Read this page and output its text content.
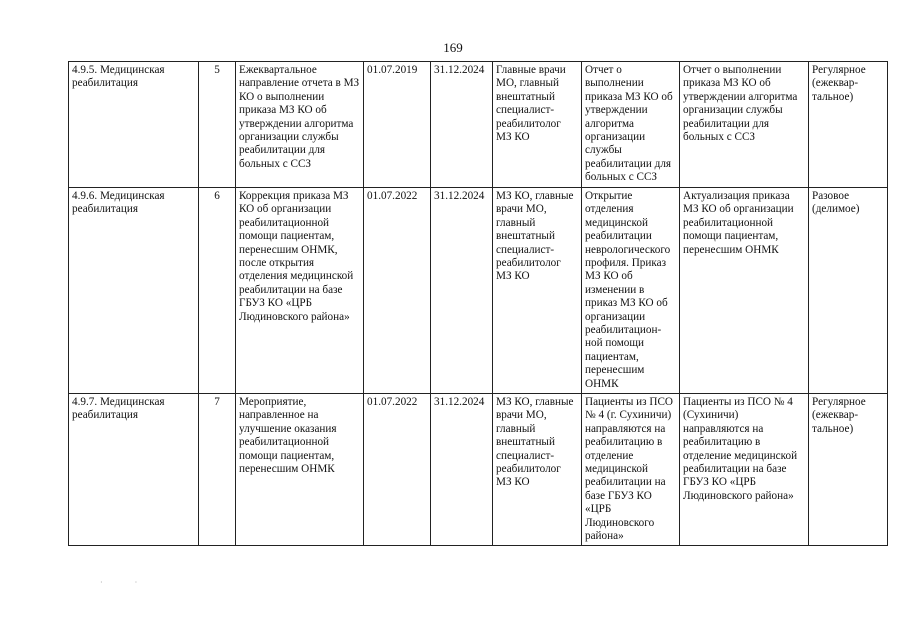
169
4.9.5. Медицинская реабилитация	5	Ежеквартальное направление отчета в МЗ КО о выполнении приказа МЗ КО об утверждении алгоритма организации службы реабилитации для больных с ССЗ	01.07.2019	31.12.2024	Главные врачи МО, главный внештатный специалист-реабилитолог МЗ КО	Отчет о выполнении приказа МЗ КО об утверждении алгоритма организации службы реабилитации для больных с ССЗ	Отчет о выполнении приказа МЗ КО об утверждении алгоритма организации службы реабилитации для больных с ССЗ	Регулярное (ежеквар-тальное)
4.9.6. Медицинская реабилитация	6	Коррекция приказа МЗ КО об организации реабилитационной помощи пациентам, перенесшим ОНМК, после открытия отделения медицинской реабилитации на базе ГБУЗ КО «ЦРБ Людиновского района»	01.07.2022	31.12.2024	МЗ КО, главные врачи МО, главный внештатный специалист-реабилитолог МЗ КО	Открытие отделения медицинской реабилитации неврологического профиля. Приказ МЗ КО об изменении в приказ МЗ КО об организации реабилитацион-ной помощи пациентам, перенесшим ОНМК	Актуализация приказа МЗ КО об организации реабилитационной помощи пациентам, перенесшим ОНМК	Разовое (делимое)
4.9.7. Медицинская реабилитация	7	Мероприятие, направленное на улучшение оказания реабилитационной помощи пациентам, перенесшим ОНМК	01.07.2022	31.12.2024	МЗ КО, главные врачи МО, главный внештатный специалист-реабилитолог МЗ КО	Пациенты из ПСО № 4 (г. Сухиничи) направляются на реабилитацию в отделение медицинской реабилитации на базе ГБУЗ КО «ЦРБ Людиновского района»	Пациенты из ПСО № 4 (Сухиничи) направляются на реабилитацию в отделение медицинской реабилитации на базе ГБУЗ КО «ЦРБ Людиновского района»	Регулярное (ежеквар-тальное)
·                ·
